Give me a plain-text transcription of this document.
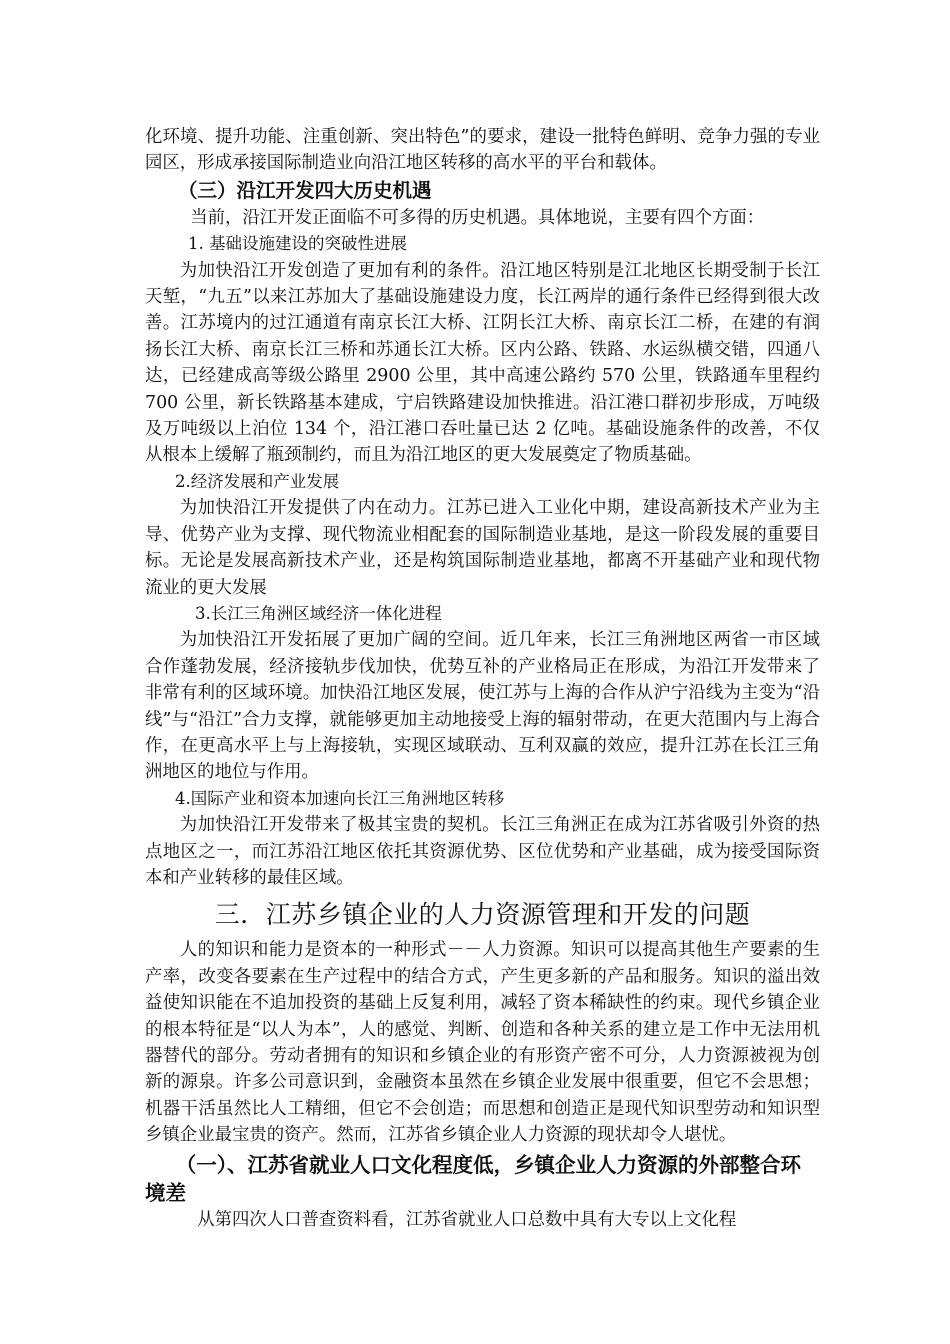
化环境、提升功能、注重创新、突出特色”的要求，建设一批特色鲜明、竞争力强的专业园区，形成承接国际制造业向沿江地区转移的高水平的平台和载体。

（三）沿江开发四大历史机遇

当前，沿江开发正面临不可多得的历史机遇。具体地说，主要有四个方面：

1. 基础设施建设的突破性进展

为加快沿江开发创造了更加有利的条件。沿江地区特别是江北地区长期受制于长江天堑，“九五”以来江苏加大了基础设施建设力度，长江两岸的通行条件已经得到很大改善。江苏境内的过江通道有南京长江大桥、江阴长江大桥、南京长江二桥，在建的有润扬长江大桥、南京长江三桥和苏通长江大桥。区内公路、铁路、水运纵横交错，四通八达，已经建成高等级公路里 2900 公里，其中高速公路约 570 公里，铁路通车里程约 700 公里，新长铁路基本建成，宁启铁路建设加快推进。沿江港口群初步形成，万吨级及万吨级以上泊位 134 个，沿江港口吞吐量已达 2 亿吨。基础设施条件的改善，不仅从根本上缓解了瓶颈制约，而且为沿江地区的更大发展奠定了物质基础。

2.经济发展和产业发展

为加快沿江开发提供了内在动力。江苏已进入工业化中期，建设高新技术产业为主导、优势产业为支撑、现代物流业相配套的国际制造业基地，是这一阶段发展的重要目标。无论是发展高新技术产业，还是构筑国际制造业基地，都离不开基础产业和现代物流业的更大发展

3.长江三角洲区域经济一体化进程

为加快沿江开发拓展了更加广阔的空间。近几年来，长江三角洲地区两省一市区域合作蓬勃发展，经济接轨步伐加快，优势互补的产业格局正在形成，为沿江开发带来了非常有利的区域环境。加快沿江地区发展，使江苏与上海的合作从沪宁沿线为主变为“沿线”与“沿江”合力支撑，就能够更加主动地接受上海的辐射带动，在更大范围内与上海合作，在更高水平上与上海接轨，实现区域联动、互利双赢的效应，提升江苏在长江三角洲地区的地位与作用。

4.国际产业和资本加速向长江三角洲地区转移

为加快沿江开发带来了极其宝贵的契机。长江三角洲正在成为江苏省吸引外资的热点地区之一，而江苏沿江地区依托其资源优势、区位优势和产业基础，成为接受国际资本和产业转移的最佳区域。

三．江苏乡镇企业的人力资源管理和开发的问题

人的知识和能力是资本的一种形式－－人力资源。知识可以提高其他生产要素的生产率，改变各要素在生产过程中的结合方式，产生更多新的产品和服务。知识的溢出效益使知识能在不追加投资的基础上反复利用，减轻了资本稀缺性的约束。现代乡镇企业的根本特征是“以人为本”，人的感觉、判断、创造和各种关系的建立是工作中无法用机器替代的部分。劳动者拥有的知识和乡镇企业的有形资产密不可分，人力资源被视为创新的源泉。许多公司意识到，金融资本虽然在乡镇企业发展中很重要，但它不会思想；机器干活虽然比人工精细，但它不会创造；而思想和创造正是现代知识型劳动和知识型乡镇企业最宝贵的资产。然而，江苏省乡镇企业人力资源的现状却令人堪忧。

（一）、江苏省就业人口文化程度低，乡镇企业人力资源的外部整合环境差

从第四次人口普查资料看，江苏省就业人口总数中具有大专以上文化程
